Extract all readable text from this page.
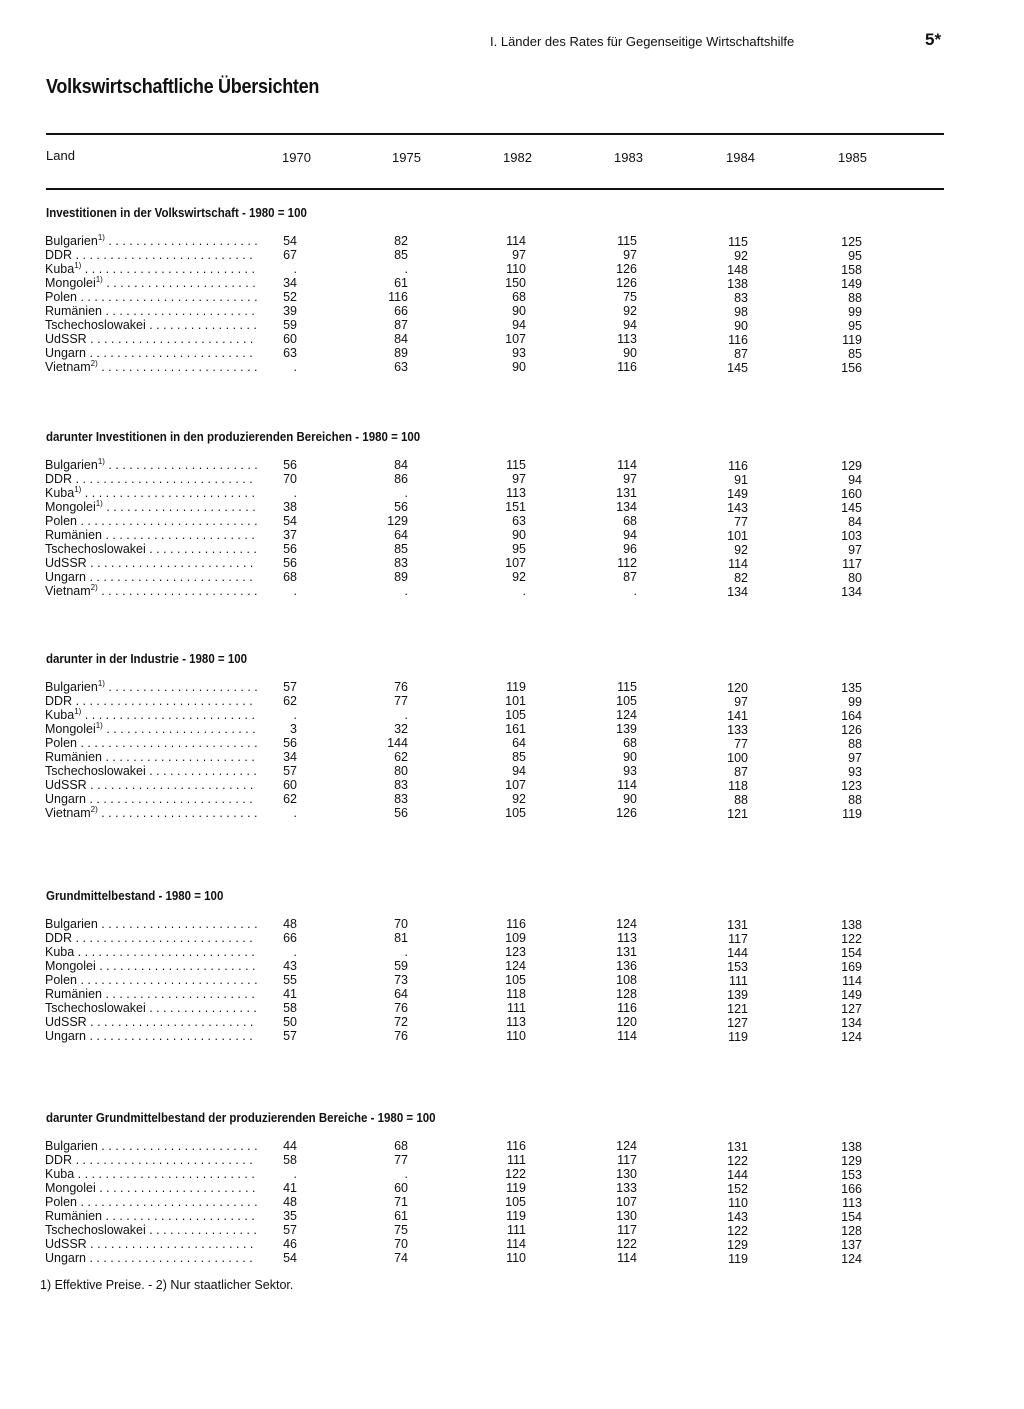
I. Länder des Rates für Gegenseitige Wirtschaftshilfe	5*
Volkswirtschaftliche Übersichten
Land	1970	1975	1982	1983	1984	1985
Investitionen in der Volkswirtschaft - 1980 = 100
Bulgarien$^{1)}$ . . .	54	82	114	115	115	125
DDR . . .	67	85	97	97	92	95
Kuba$^{1)}$ . . .	.	.	110	126	148	158
Mongolei$^{1)}$ . . .	34	61	150	126	138	149
Polen . . .	52	116	68	75	83	88
Rumänien . . .	39	66	90	92	98	99
Tschechoslowakei . . .	59	87	94	94	90	95
UdSSR . . .	60	84	107	113	116	119
Ungarn . . .	63	89	93	90	87	85
Vietnam$^{2)}$ . . .	.	63	90	116	145	156
darunter Investitionen in den produzierenden Bereichen - 1980 = 100
Bulgarien$^{1)}$ . . .	56	84	115	114	116	129
DDR . . .	70	86	97	97	91	94
Kuba$^{1)}$ . . .	.	.	113	131	149	160
Mongolei$^{1)}$ . . .	38	56	151	134	143	145
Polen . . .	54	129	63	68	77	84
Rumänien . . .	37	64	90	94	101	103
Tschechoslowakei . . .	56	85	95	96	92	97
UdSSR . . .	56	83	107	112	114	117
Ungarn . . .	68	89	92	87	82	80
Vietnam$^{2)}$ . . .	.	.	.	.	134	134
darunter in der Industrie - 1980 = 100
Bulgarien$^{1)}$ . . .	57	76	119	115	120	135
DDR . . .	62	77	101	105	97	99
Kuba$^{1)}$ . . .	.	.	105	124	141	164
Mongolei$^{1)}$ . . .	3	32	161	139	133	126
Polen . . .	56	144	64	68	77	88
Rumänien . . .	34	62	85	90	100	97
Tschechoslowakei . . .	57	80	94	93	87	93
UdSSR . . .	60	83	107	114	118	123
Ungarn . . .	62	83	92	90	88	88
Vietnam$^{2)}$ . . .	.	56	105	126	121	119
Grundmittelbestand - 1980 = 100
Bulgarien . . .	48	70	116	124	131	138
DDR . . .	66	81	109	113	117	122
Kuba . . .	.	.	123	131	144	154
Mongolei . . .	43	59	124	136	153	169
Polen . . .	55	73	105	108	111	114
Rumänien . . .	41	64	118	128	139	149
Tschechoslowakei . . .	58	76	111	116	121	127
UdSSR . . .	50	72	113	120	127	134
Ungarn . . .	57	76	110	114	119	124
darunter Grundmittelbestand der produzierenden Bereiche - 1980 = 100
Bulgarien . . .	44	68	116	124	131	138
DDR . . .	58	77	111	117	122	129
Kuba . . .	.	.	122	130	144	153
Mongolei . . .	41	60	119	133	152	166
Polen . . .	48	71	105	107	110	113
Rumänien . . .	35	61	119	130	143	154
Tschechoslowakei . . .	57	75	111	117	122	128
UdSSR . . .	46	70	114	122	129	137
Ungarn . . .	54	74	110	114	119	124
1) Effektive Preise. - 2) Nur staatlicher Sektor.
